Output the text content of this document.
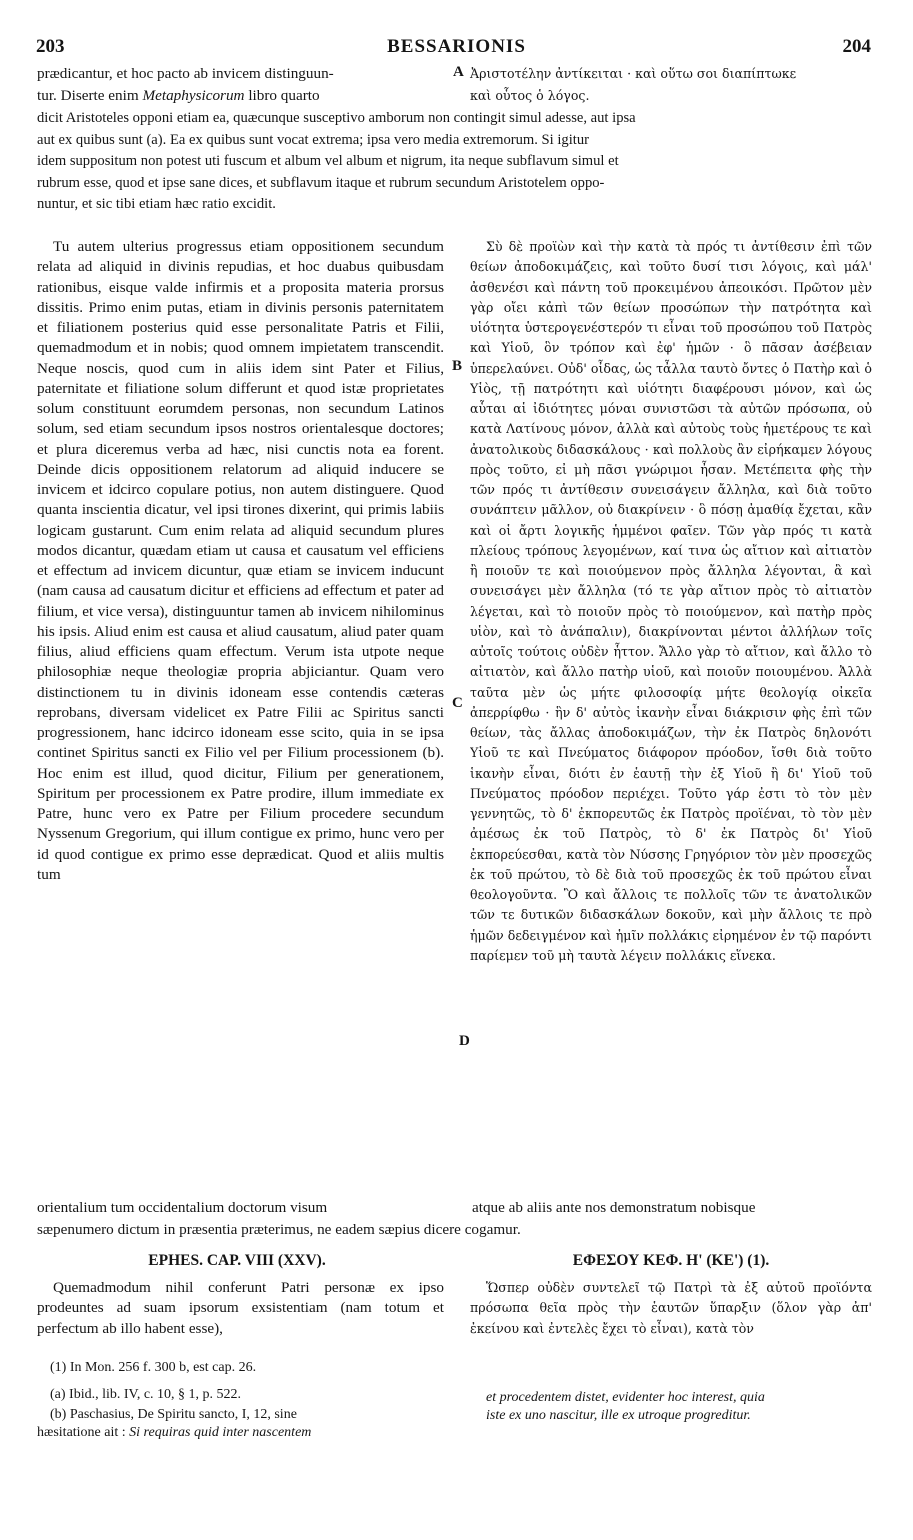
203	BESSARIONIS	204
prædicantur, et hoc pacto ab invicem distinguun-	A Ἀριστοτέλην ἀντίκειται · καὶ οὕτω σοι διαπίπτωκε
tur. Diserte enim Metaphysicorum libro quarto	καὶ οὗτος ὁ λόγος.
dicit Aristoteles opponi etiam ea, quæcunque susceptivo amborum non contingit simul adesse, aut ipsa
aut ex quibus sunt (a). Ea ex quibus sunt vocat extrema; ipsa vero media extremorum. Si igitur
idem suppositum non potest uti fuscum et album vel album et nigrum, ita neque subflavum simul et
rubrum esse, quod et ipse sane dices, et subflavum itaque et rubrum secundum Aristotelem oppo-
nuntur, et sic tibi etiam hæc ratio excidit.
Tu autem ulterius progressus etiam oppositionem secundum relata ad aliquid in divinis repudias, et hoc duabus quibusdam rationibus, eisque valde infirmis et a proposita materia prorsus dissitis. Primo enim putas, etiam in divinis personis paternitatem et filiationem posterius quid esse personalitate Patris et Filii, quemadmodum et in nobis; quod omnem impietatem transcendit. Neque noscis, quod cum in aliis idem sint Pater et Filius, paternitate et filiatione solum differunt et quod istæ proprietates solum constituunt eorumdem personas, non secundum Latinos solum, sed etiam secundum ipsos nostros orientalesque doctores; et plura diceremus verba ad hæc, nisi cunctis nota ea forent. Deinde dicis oppositionem relatorum ad aliquid inducere se invicem et idcirco copulare potius, non autem distinguere. Quod quanta inscientia dicatur, vel ipsi tirones dixerint, qui primis labiis logicam gustarunt. Cum enim relata ad aliquid secundum plures modos dicantur, quædam etiam ut causa et causatum vel efficiens et effectum ad invicem dicuntur, quæ etiam se invicem inducunt (nam causa ad causatum dicitur et efficiens ad effectum et pater ad filium, et vice versa), distinguuntur tamen ab invicem nihilominus his ipsis. Aliud enim est causa et aliud causatum, aliud pater quam filius, aliud efficiens quam effectum. Verum ista utpote neque philosophiæ neque theologiæ propria abjiciantur. Quam vero distinctionem tu in divinis idoneam esse contendis cæteras reprobans, diversam videlicet ex Patre Filii ac Spiritus sancti progressionem, hanc idcirco idoneam esse scito, quia in se ipsa continet Spiritus sancti ex Filio vel per Filium processionem (b). Hoc enim est illud, quod dicitur, Filium per generationem, Spiritum per processionem ex Patre prodire, illum immediate ex Patre, hunc vero ex Patre per Filium procedere secundum Nyssenum Gregorium, qui illum contigue ex primo, hunc vero per id quod contigue ex primo esse deprædicat. Quod et aliis multis tum
Σὺ δὲ προϊὼν καὶ τὴν κατὰ τὰ πρός τι ἀντίθεσιν ἐπὶ τῶν θείων ἀποδοκιμάζεις, καὶ τοῦτο δυσί τισι λόγοις, καὶ μάλ' ἀσθενέσι καὶ πάντη τοῦ προκειμένου ἀπεοικόσι. Πρῶτον μὲν γὰρ οἴει κἀπὶ τῶν θείων προσώπων τὴν πατρότητα καὶ υἱότητα ὑστερογενέστερόν τι εἶναι τοῦ προσώπου τοῦ Πατρὸς καὶ Υἱοῦ, ὃν τρόπον καὶ ἐφ' ἡμῶν · ὃ πᾶσαν ἀσέβειαν ὑπερελαύνει. Οὐδ' οἶδας, ὡς τἆλλα ταυτὸ ὄντες ὁ Πατὴρ καὶ ὁ Υἱὸς, τῇ πατρότητι καὶ υἱότητι διαφέρουσι μόνον, καὶ ὡς αὗται αἱ ἰδιότητες μόναι συνιστῶσι τὰ αὐτῶν πρόσωπα, οὐ κατὰ Λατίνους μόνον, ἀλλὰ καὶ αὐτοὺς τοὺς ἡμετέρους τε καὶ ἀνατολικοὺς διδασκάλους · καὶ πολλοὺς ἂν εἰρήκαμεν λόγους πρὸς τοῦτο, εἰ μὴ πᾶσι γνώριμοι ἦσαν. Μετέπειτα φὴς τὴν τῶν πρός τι ἀντίθεσιν συνεισάγειν ἄλληλα, καὶ διὰ τοῦτο συνάπτειν μᾶλλον, οὐ διακρίνειν · ὃ πόσῃ ἀμαθίᾳ ἔχεται, κἂν καὶ οἱ ἄρτι λογικῆς ἡμμένοι φαῖεν. Τῶν γὰρ πρός τι κατὰ πλείους τρόπους λεγομένων, καί τινα ὡς αἴτιον καὶ αἰτιατὸν ἢ ποιοῦν τε καὶ ποιούμενον πρὸς ἄλληλα λέγονται, ἃ καὶ συνεισάγει μὲν ἄλληλα (τό τε γὰρ αἴτιον πρὸς τὸ αἰτιατὸν λέγεται, καὶ τὸ ποιοῦν πρὸς τὸ ποιούμενον, καὶ πατὴρ πρὸς υἱὸν, καὶ τὸ ἀνάπαλιν), διακρίνονται μέντοι ἀλλήλων τοῖς αὐτοῖς τούτοις οὐδὲν ἧττον. Ἄλλο γὰρ τὸ αἴτιον, καὶ ἄλλο τὸ αἰτιατὸν, καὶ ἄλλο πατὴρ υἱοῦ, καὶ ποιοῦν ποιουμένου. Ἀλλὰ ταῦτα μὲν ὡς μήτε φιλοσοφίᾳ μήτε θεολογίᾳ οἰκεῖα ἀπερρίφθω · ἣν δ' αὐτὸς ἱκανὴν εἶναι διάκρισιν φὴς ἐπὶ τῶν θείων, τὰς ἄλλας ἀποδοκιμάζων, τὴν ἐκ Πατρὸς δηλονότι Υἱοῦ τε καὶ Πνεύματος διάφορον πρόοδον, ἴσθι διὰ τοῦτο ἱκανὴν εἶναι, διότι ἐν ἑαυτῇ τὴν ἐξ Υἱοῦ ἢ δι' Υἱοῦ τοῦ Πνεύματος πρόοδον περιέχει. Τοῦτο γάρ ἐστι τὸ τὸν μὲν γεννητῶς, τὸ δ' ἐκπορευτῶς ἐκ Πατρὸς προϊέναι, τὸ τὸν μὲν ἀμέσως ἐκ τοῦ Πατρὸς, τὸ δ' ἐκ Πατρὸς δι' Υἱοῦ ἐκπορεύεσθαι, κατὰ τὸν Νύσσης Γρηγόριον τὸν μὲν προσεχῶς ἐκ τοῦ πρώτου, τὸ δὲ διὰ τοῦ προσεχῶς ἐκ τοῦ πρώτου εἶναι θεολογοῦντα. Ὃ καὶ ἄλλοις τε πολλοῖς τῶν τε ἀνατολικῶν τῶν τε δυτικῶν διδασκάλων δοκοῦν, καὶ μὴν ἄλλοις τε πρὸ ἡμῶν δεδειγμένον καὶ ἡμῖν πολλάκις εἰρημένον ἐν τῷ παρόντι παρίεμεν τοῦ μὴ ταυτὰ λέγειν πολλάκις εἵνεκα.
B
C
D
orientalium tum occidentalium doctorum visum	atque ab aliis ante nos demonstratum nobisque
sæpenumero dictum in præsentia præterimus, ne eadem sæpius dicere cogamur.
EPHES. CAP. VIII (XXV).	ΕΦΕΣΟΥ ΚΕΦ. Η' (ΚΕ') (1).
Quemadmodum nihil conferunt Patri personæ ex ipso prodeuntes ad suam ipsorum exsistentiam (nam totum et perfectum ab illo habent esse),
Ὥσπερ οὐδὲν συντελεῖ τῷ Πατρὶ τὰ ἐξ αὐτοῦ προϊόντα πρόσωπα θεῖα πρὸς τὴν ἑαυτῶν ὕπαρξιν (ὅλον γὰρ ἀπ' ἐκείνου καὶ ἐντελὲς ἔχει τὸ εἶναι), κατὰ τὸν
(1) In Mon. 256 f. 300 b, est cap. 26.
(a) Ibid., lib. IV, c. 10, § 1, p. 522.
(b) Paschasius, De Spiritu sancto, I, 12, sine
hæsitatione ait : Si requiras quid inter nascentem
et procedentem distet, evidenter hoc interest, quia
iste ex uno nascitur, ille ex utroque progreditur.
